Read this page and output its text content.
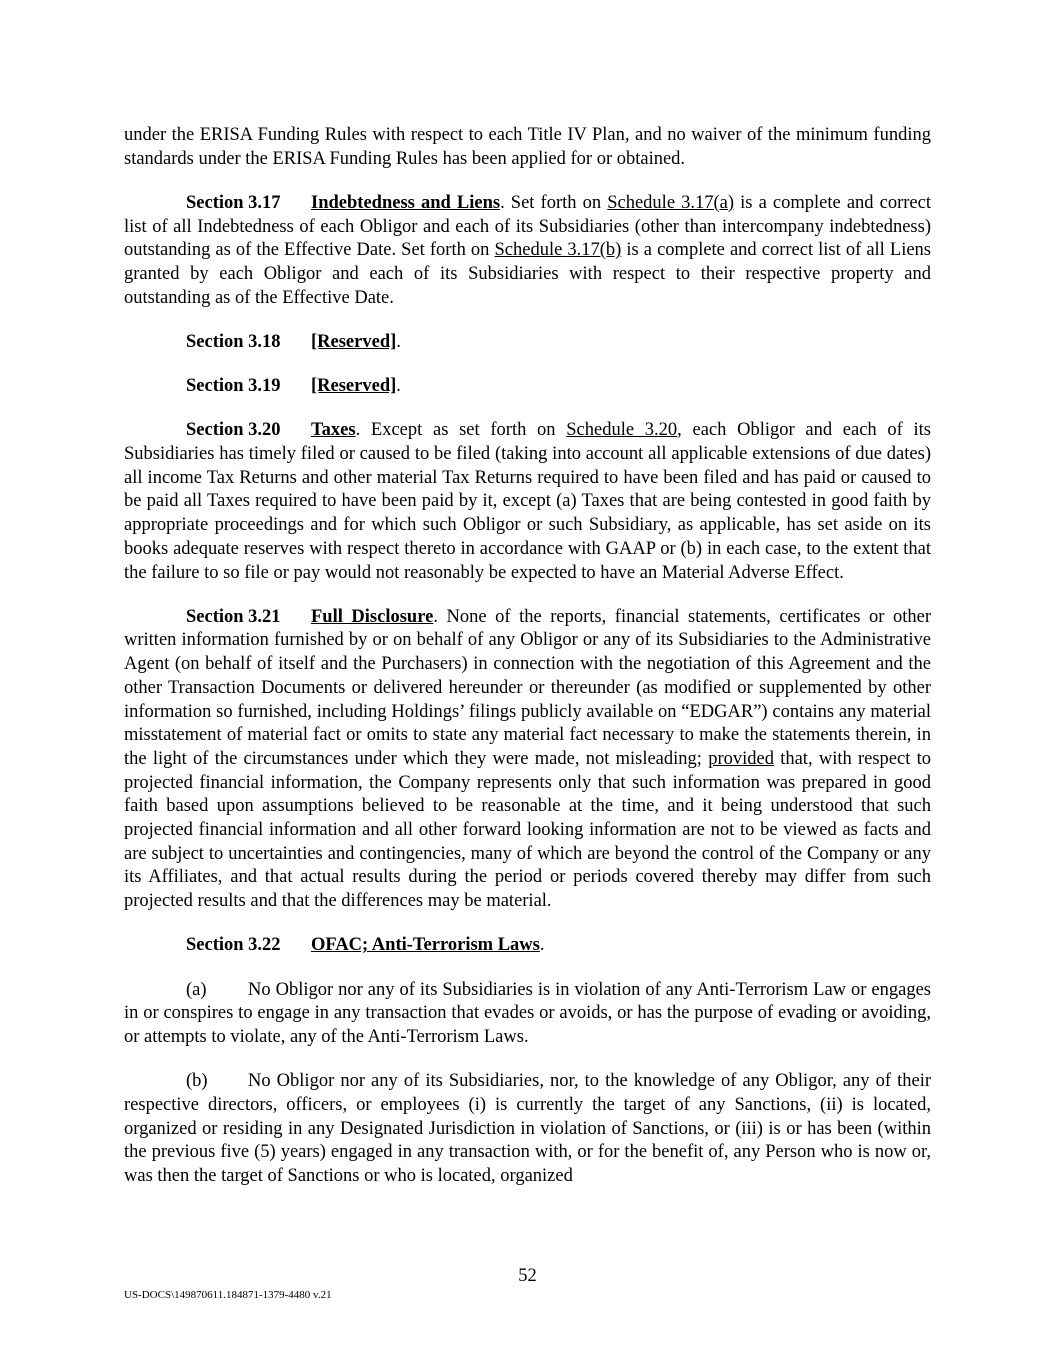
under the ERISA Funding Rules with respect to each Title IV Plan, and no waiver of the minimum funding standards under the ERISA Funding Rules has been applied for or obtained.

Section 3.17 Indebtedness and Liens. Set forth on Schedule 3.17(a) is a complete and correct list of all Indebtedness of each Obligor and each of its Subsidiaries (other than intercompany indebtedness) outstanding as of the Effective Date. Set forth on Schedule 3.17(b) is a complete and correct list of all Liens granted by each Obligor and each of its Subsidiaries with respect to their respective property and outstanding as of the Effective Date.

Section 3.18 [Reserved].

Section 3.19 [Reserved].

Section 3.20 Taxes. Except as set forth on Schedule 3.20, each Obligor and each of its Subsidiaries has timely filed or caused to be filed (taking into account all applicable extensions of due dates) all income Tax Returns and other material Tax Returns required to have been filed and has paid or caused to be paid all Taxes required to have been paid by it, except (a) Taxes that are being contested in good faith by appropriate proceedings and for which such Obligor or such Subsidiary, as applicable, has set aside on its books adequate reserves with respect thereto in accordance with GAAP or (b) in each case, to the extent that the failure to so file or pay would not reasonably be expected to have an Material Adverse Effect.

Section 3.21 Full Disclosure. None of the reports, financial statements, certificates or other written information furnished by or on behalf of any Obligor or any of its Subsidiaries to the Administrative Agent (on behalf of itself and the Purchasers) in connection with the negotiation of this Agreement and the other Transaction Documents or delivered hereunder or thereunder (as modified or supplemented by other information so furnished, including Holdings’ filings publicly available on “EDGAR”) contains any material misstatement of material fact or omits to state any material fact necessary to make the statements therein, in the light of the circumstances under which they were made, not misleading; provided that, with respect to projected financial information, the Company represents only that such information was prepared in good faith based upon assumptions believed to be reasonable at the time, and it being understood that such projected financial information and all other forward looking information are not to be viewed as facts and are subject to uncertainties and contingencies, many of which are beyond the control of the Company or any its Affiliates, and that actual results during the period or periods covered thereby may differ from such projected results and that the differences may be material.

Section 3.22 OFAC; Anti-Terrorism Laws.

(a) No Obligor nor any of its Subsidiaries is in violation of any Anti-Terrorism Law or engages in or conspires to engage in any transaction that evades or avoids, or has the purpose of evading or avoiding, or attempts to violate, any of the Anti-Terrorism Laws.

(b) No Obligor nor any of its Subsidiaries, nor, to the knowledge of any Obligor, any of their respective directors, officers, or employees (i) is currently the target of any Sanctions, (ii) is located, organized or residing in any Designated Jurisdiction in violation of Sanctions, or (iii) is or has been (within the previous five (5) years) engaged in any transaction with, or for the benefit of, any Person who is now or, was then the target of Sanctions or who is located, organized

52
US-DOCS\149870611.184871-1379-4480 v.21
